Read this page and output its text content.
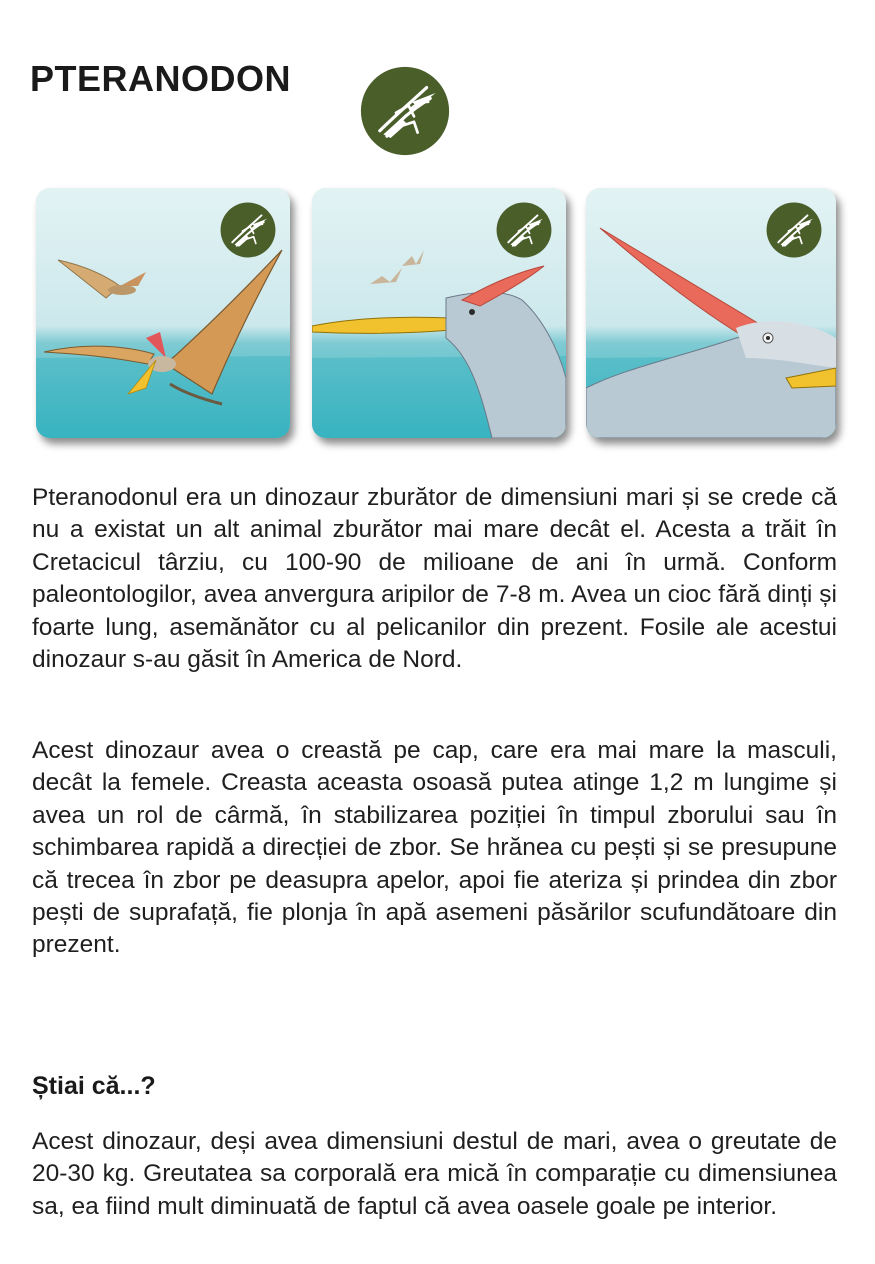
PTERANODON

Pteranodonul era un dinozaur zburător de dimensiuni mari și se crede că nu a existat un alt animal zburător mai mare decât el. Acesta a trăit în Cretacicul târziu, cu 100-90 de milioane de ani în urmă. Conform paleontologilor, avea anvergura aripilor de 7-8 m. Avea un cioc fără dinți și foarte lung, asemănător cu al pelicanilor din prezent. Fosile ale acestui dinozaur s-au găsit în America de Nord.

Acest dinozaur avea o creastă pe cap, care era mai mare la masculi, decât la femele. Creasta aceasta osoasă putea atinge 1,2 m lungime și avea un rol de cârmă, în stabilizarea poziției în timpul zborului sau în schimbarea rapidă a direcției de zbor. Se hrănea cu pești și se presupune că trecea în zbor pe deasupra apelor, apoi fie ateriza și prindea din zbor pești de suprafață, fie plonja în apă asemeni păsărilor scufundătoare din prezent.

Știai că...?

Acest dinozaur, deși avea dimensiuni destul de mari, avea o greutate de 20-30 kg. Greutatea sa corporală era mică în comparație cu dimensiunea sa, ea fiind mult diminuată de faptul că avea oasele goale pe interior.
